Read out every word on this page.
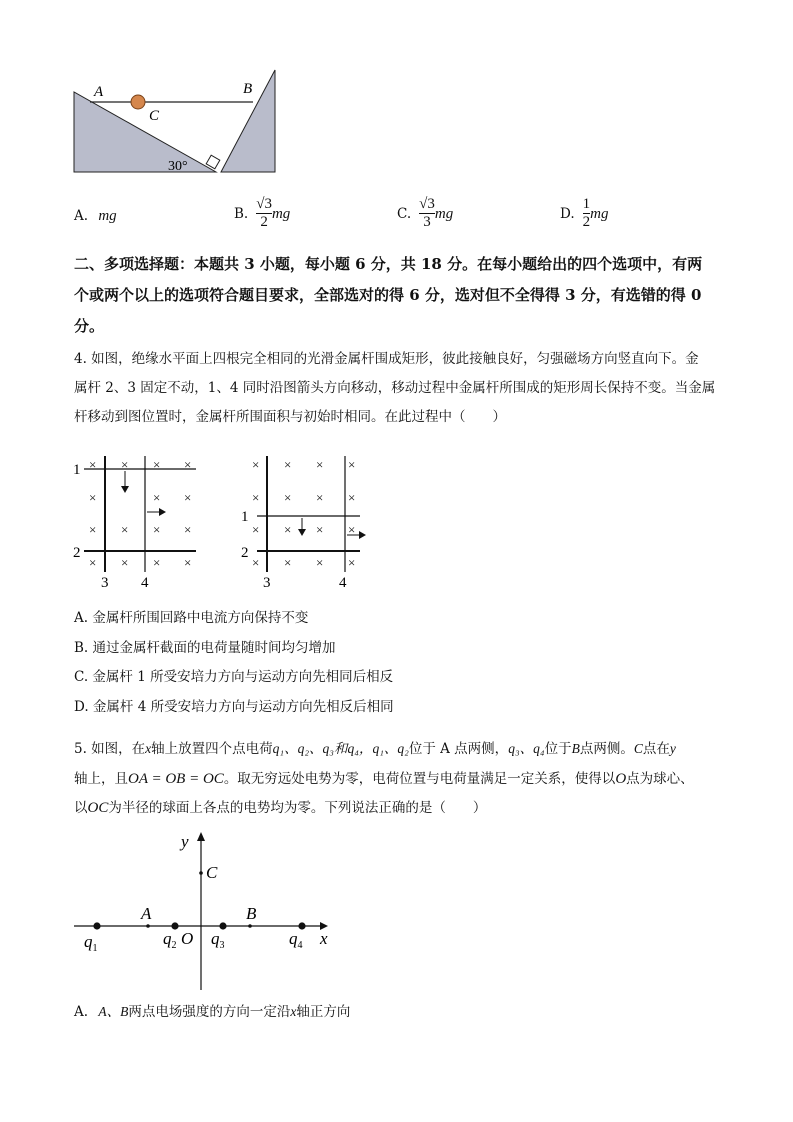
A	B
C
30°
A. mg	B. $\frac{√3}{2}$ mg	C. $\frac{√3}{3}$ mg	D. $\frac{1}{2}$ mg
二、多项选择题：本题共 3 小题，每小题 6 分，共 18 分。在每小题给出的四个选项中，有两
个或两个以上的选项符合题目要求，全部选对的得 6 分，选对但不全得得 3 分，有选错的得 0
分。
4. 如图，绝缘水平面上四根完全相同的光滑金属杆围成矩形，彼此接触良好，匀强磁场方向竖直向下。金
属杆 2、3 固定不动，1、4 同时沿图箭头方向移动，移动过程中金属杆所围成的矩形周长保持不变。当金属
杆移动到图位置时，金属杆所围面积与初始时相同。在此过程中（　　）
× × × ×
×	× ×
× × × ×
× × × ×
1
2
3 4
× × × ×
× × × ×
× × × ×
× × × ×
1
2
3	4
A. 金属杆所围回路中电流方向保持不变
B. 通过金属杆截面的电荷量随时间均匀增加
C. 金属杆 1 所受安培力方向与运动方向先相同后相反
D. 金属杆 4 所受安培力方向与运动方向先相反后相同
5. 如图，在x轴上放置四个点电荷q₁、q₂、q₃和q₄，q₁、q₂位于 A 点两侧，q₃、q₄位于B点两侧。C点在y
轴上，且OA = OB = OC。取无穷远处电势为零，电荷位置与电荷量满足一定关系，使得以O点为球心、
以OC为半径的球面上各点的电势均为零。下列说法正确的是（　　）
y
x
C
A	B
O
$q_1$
$q_2$ $q_3$	$q_4$
A. A、B两点电场强度的方向一定沿x轴正方向
